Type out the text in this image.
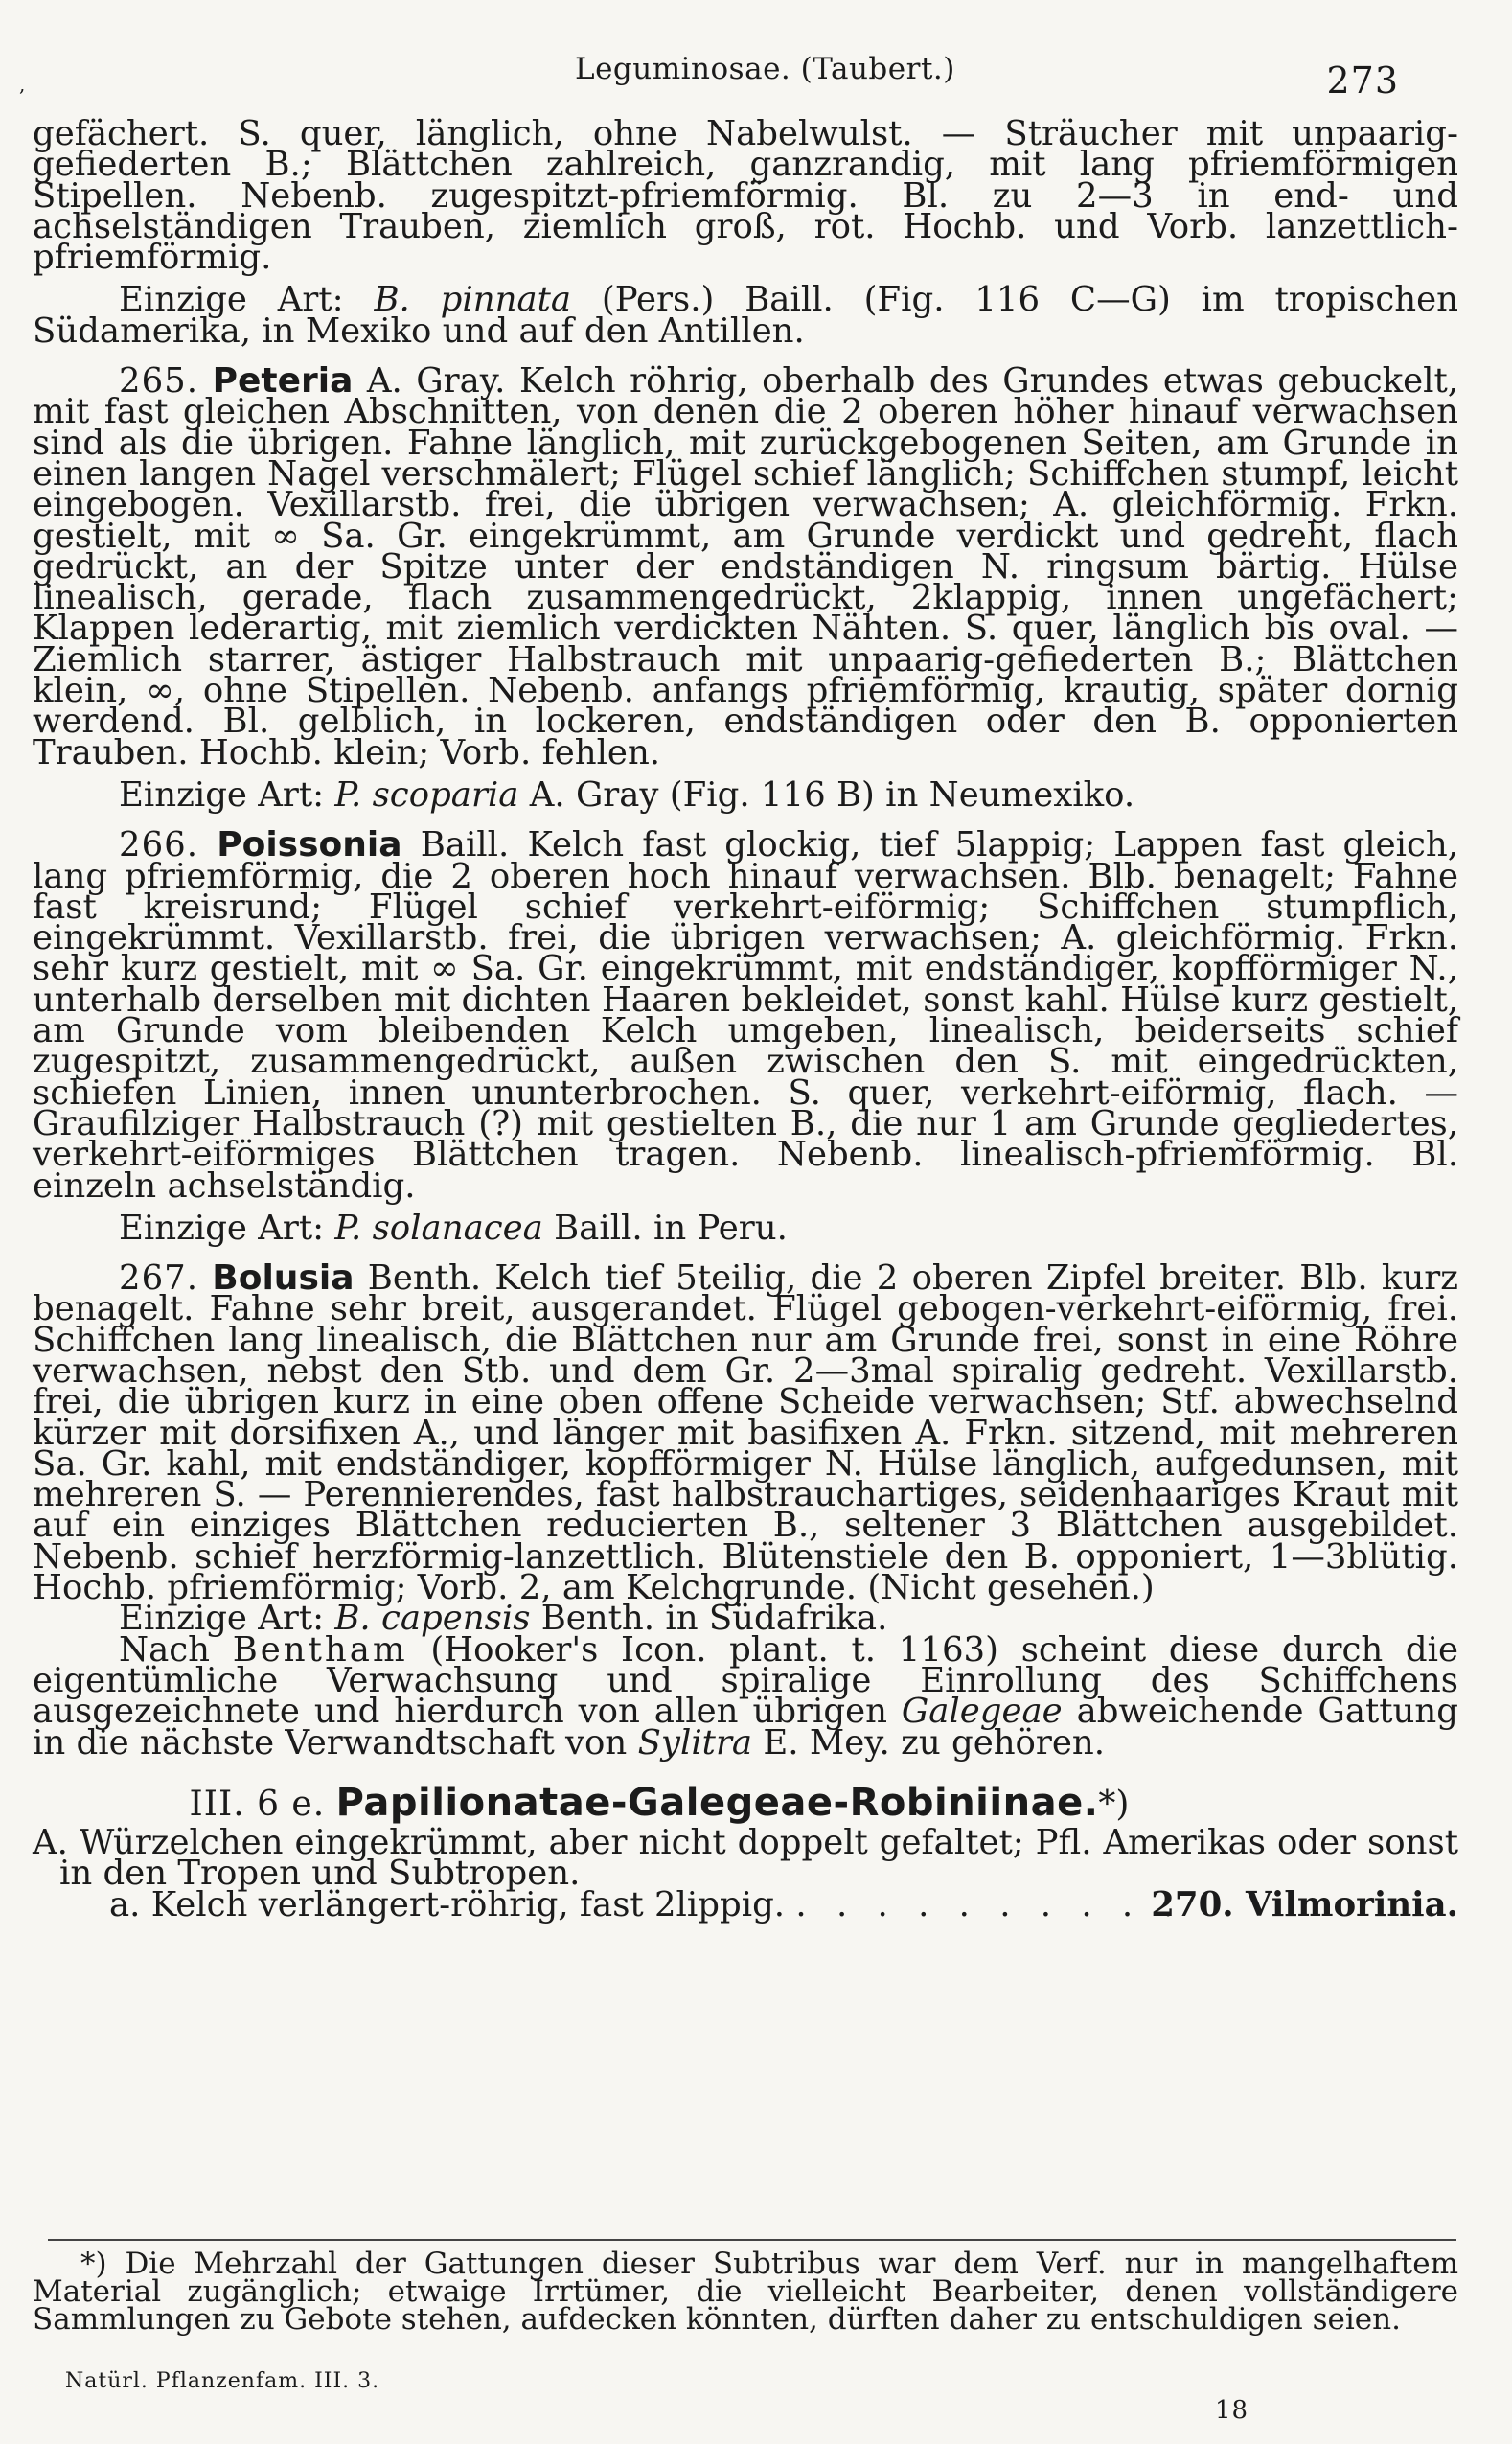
,	Leguminosae. (Taubert.)	273

gefächert. S. quer, länglich, ohne Nabelwulst. — Sträucher mit unpaarig-gefiederten B.; Blättchen zahlreich, ganzrandig, mit lang pfriemförmigen Stipellen. Nebenb. zugespitzt-pfriemförmig. Bl. zu 2—3 in end- und achselständigen Trauben, ziemlich groß, rot. Hochb. und Vorb. lanzettlich-pfriemförmig.

Einzige Art: B. pinnata (Pers.) Baill. (Fig. 116 C—G) im tropischen Südamerika, in Mexiko und auf den Antillen.

265. Peteria A. Gray. Kelch röhrig, oberhalb des Grundes etwas gebuckelt, mit fast gleichen Abschnitten, von denen die 2 oberen höher hinauf verwachsen sind als die übrigen. Fahne länglich, mit zurückgebogenen Seiten, am Grunde in einen langen Nagel verschmälert; Flügel schief länglich; Schiffchen stumpf, leicht eingebogen. Vexillarstb. frei, die übrigen verwachsen; A. gleichförmig. Frkn. gestielt, mit ∞ Sa. Gr. eingekrümmt, am Grunde verdickt und gedreht, flach gedrückt, an der Spitze unter der endständigen N. ringsum bärtig. Hülse linealisch, gerade, flach zusammengedrückt, 2klappig, innen ungefächert; Klappen lederartig, mit ziemlich verdickten Nähten. S. quer, länglich bis oval. — Ziemlich starrer, ästiger Halbstrauch mit unpaarig-gefiederten B.; Blättchen klein, ∞, ohne Stipellen. Nebenb. anfangs pfriemförmig, krautig, später dornig werdend. Bl. gelblich, in lockeren, endständigen oder den B. opponierten Trauben. Hochb. klein; Vorb. fehlen.

Einzige Art: P. scoparia A. Gray (Fig. 116 B) in Neumexiko.

266. Poissonia Baill. Kelch fast glockig, tief 5lappig; Lappen fast gleich, lang pfriemförmig, die 2 oberen hoch hinauf verwachsen. Blb. benagelt; Fahne fast kreisrund; Flügel schief verkehrt-eiförmig; Schiffchen stumpflich, eingekrümmt. Vexillarstb. frei, die übrigen verwachsen; A. gleichförmig. Frkn. sehr kurz gestielt, mit ∞ Sa. Gr. eingekrümmt, mit endständiger, kopfförmiger N., unterhalb derselben mit dichten Haaren bekleidet, sonst kahl. Hülse kurz gestielt, am Grunde vom bleibenden Kelch umgeben, linealisch, beiderseits schief zugespitzt, zusammengedrückt, außen zwischen den S. mit eingedrückten, schiefen Linien, innen ununterbrochen. S. quer, verkehrt-eiförmig, flach. — Graufilziger Halbstrauch (?) mit gestielten B., die nur 1 am Grunde gegliedertes, verkehrt-eiförmiges Blättchen tragen. Nebenb. linealisch-pfriemförmig. Bl. einzeln achselständig.

Einzige Art: P. solanacea Baill. in Peru.

267. Bolusia Benth. Kelch tief 5teilig, die 2 oberen Zipfel breiter. Blb. kurz benagelt. Fahne sehr breit, ausgerandet. Flügel gebogen-verkehrt-eiförmig, frei. Schiffchen lang linealisch, die Blättchen nur am Grunde frei, sonst in eine Röhre verwachsen, nebst den Stb. und dem Gr. 2—3mal spiralig gedreht. Vexillarstb. frei, die übrigen kurz in eine oben offene Scheide verwachsen; Stf. abwechselnd kürzer mit dorsifixen A., und länger mit basifixen A. Frkn. sitzend, mit mehreren Sa. Gr. kahl, mit endständiger, kopfförmiger N. Hülse länglich, aufgedunsen, mit mehreren S. — Perennierendes, fast halbstrauchartiges, seidenhaariges Kraut mit auf ein einziges Blättchen reducierten B., seltener 3 Blättchen ausgebildet. Nebenb. schief herzförmig-lanzettlich. Blütenstiele den B. opponiert, 1—3blütig. Hochb. pfriemförmig; Vorb. 2, am Kelchgrunde. (Nicht gesehen.)

Einzige Art: B. capensis Benth. in Südafrika.

Nach Bentham (Hooker's Icon. plant. t. 1163) scheint diese durch die eigentümliche Verwachsung und spiralige Einrollung des Schiffchens ausgezeichnete und hierdurch von allen übrigen Galegeae abweichende Gattung in die nächste Verwandtschaft von Sylitra E. Mey. zu gehören.

III. 6 e. Papilionatae-Galegeae-Robiniinae.*)

A. Würzelchen eingekrümmt, aber nicht doppelt gefaltet; Pfl. Amerikas oder sonst in den Tropen und Subtropen.

a. Kelch verlängert-röhrig, fast 2lippig. . . . . . . . . . .
270. Vilmorinia.

*) Die Mehrzahl der Gattungen dieser Subtribus war dem Verf. nur in mangelhaftem Material zugänglich; etwaige Irrtümer, die vielleicht Bearbeiter, denen vollständigere Sammlungen zu Gebote stehen, aufdecken könnten, dürften daher zu entschuldigen seien.

Natürl. Pflanzenfam. III. 3.
18
